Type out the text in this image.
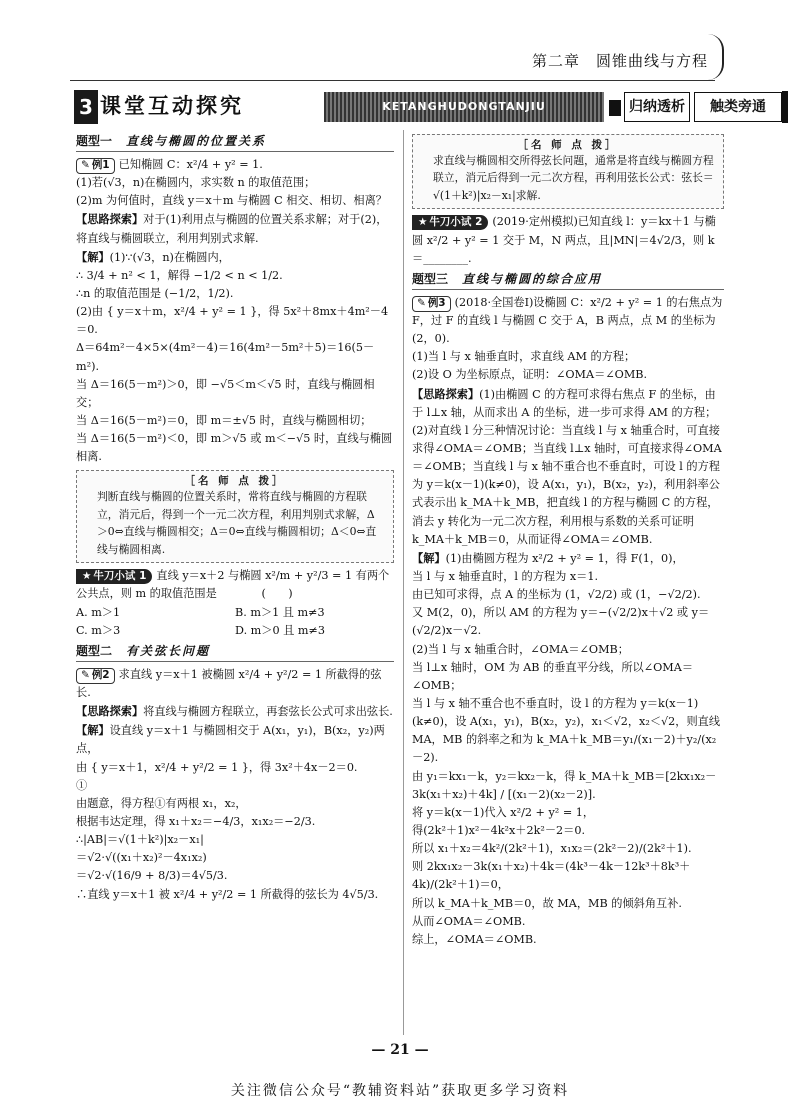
第二章　圆锥曲线与方程
3 课堂互动探究	KETANGHUDONGTANJIU	归纳透析	触类旁通
题型一 直线与椭圆的位置关系

✎ 例1 已知椭圆 C：x²/4 + y² = 1.

(1)若(√3，n)在椭圆内，求实数 n 的取值范围；

(2)m 为何值时，直线 y＝x＋m 与椭圆 C 相交、相切、相离？

【思路探索】对于(1)利用点与椭圆的位置关系求解；对于(2)，将直线与椭圆联立，利用判别式求解.

【解】(1)∵(√3，n)在椭圆内，

∴ 3/4 + n² < 1，解得 −1/2 < n < 1/2.

∴n 的取值范围是 (−1/2，1/2).

(2)由 { y＝x＋m，x²/4 + y² = 1 }，得 5x²＋8mx＋4m²－4＝0.

Δ＝64m²－4×5×(4m²－4)＝16(4m²－5m²＋5)＝16(5－m²).

当 Δ＝16(5－m²)＞0，即 −√5＜m＜√5 时，直线与椭圆相交；

当 Δ＝16(5－m²)＝0，即 m＝±√5 时，直线与椭圆相切；

当 Δ＝16(5－m²)＜0，即 m＞√5 或 m＜−√5 时，直线与椭圆相离.

［名 师 点 拨］
判断直线与椭圆的位置关系时，常将直线与椭圆的方程联立，消元后，得到一个一元二次方程，利用判别式求解，Δ＞0⇔直线与椭圆相交；Δ＝0⇔直线与椭圆相切；Δ＜0⇔直线与椭圆相离.

★ 牛刀小试 1 直线 y＝x＋2 与椭圆 x²/m + y²/3 = 1 有两个公共点，则 m 的取值范围是　　　　(　　)

A. m＞1	B. m＞1 且 m≠3
C. m＞3	D. m＞0 且 m≠3
题型二 有关弦长问题

✎ 例2 求直线 y＝x＋1 被椭圆 x²/4 + y²/2 = 1 所截得的弦长.

【思路探索】将直线与椭圆方程联立，再套弦长公式可求出弦长.

【解】设直线 y＝x＋1 与椭圆相交于 A(x₁，y₁)，B(x₂，y₂)两点，

由 { y＝x＋1，x²/4 + y²/2 = 1 }，得 3x²＋4x－2＝0.　　　①

由题意，得方程①有两根 x₁，x₂，

根据韦达定理，得 x₁＋x₂＝−4/3，x₁x₂＝−2/3.

∴|AB|＝√(1＋k²)|x₂－x₁|

＝√2·√((x₁＋x₂)²－4x₁x₂)

＝√2·√(16/9 + 8/3)＝4√5/3.

∴直线 y＝x＋1 被 x²/4 + y²/2 = 1 所截得的弦长为 4√5/3.

［名 师 点 拨］
求直线与椭圆相交所得弦长问题，通常是将直线与椭圆方程联立，消元后得到一元二次方程，再利用弦长公式：弦长＝√(1＋k²)|x₂－x₁|求解.

★ 牛刀小试 2 (2019·定州模拟)已知直线 l：y＝kx＋1 与椭圆 x²/2 + y² = 1 交于 M，N 两点，且|MN|＝4√2/3，则 k＝________.

题型三 直线与椭圆的综合应用

✎ 例3 (2018·全国卷Ⅰ)设椭圆 C：x²/2 + y² = 1 的右焦点为 F，过 F 的直线 l 与椭圆 C 交于 A，B 两点，点 M 的坐标为(2，0).

(1)当 l 与 x 轴垂直时，求直线 AM 的方程；

(2)设 O 为坐标原点，证明：∠OMA＝∠OMB.

【思路探索】(1)由椭圆 C 的方程可求得右焦点 F 的坐标，由于 l⊥x 轴，从而求出 A 的坐标，进一步可求得 AM 的方程；(2)对直线 l 分三种情况讨论：当直线 l 与 x 轴重合时，可直接求得∠OMA＝∠OMB；当直线 l⊥x 轴时，可直接求得∠OMA＝∠OMB；当直线 l 与 x 轴不重合也不垂直时，可设 l 的方程为 y＝k(x－1)(k≠0)，设 A(x₁，y₁)，B(x₂，y₂)，利用斜率公式表示出 k_MA＋k_MB，把直线 l 的方程与椭圆 C 的方程，消去 y 转化为一元二次方程，利用根与系数的关系可证明 k_MA＋k_MB＝0，从而证得∠OMA＝∠OMB.

【解】(1)由椭圆方程为 x²/2 + y² = 1，得 F(1，0)，

当 l 与 x 轴垂直时，l 的方程为 x＝1.

由已知可求得，点 A 的坐标为 (1，√2/2) 或 (1，−√2/2).

又 M(2，0)，所以 AM 的方程为 y＝−(√2/2)x＋√2 或 y＝(√2/2)x－√2.

(2)当 l 与 x 轴重合时，∠OMA＝∠OMB；

当 l⊥x 轴时，OM 为 AB 的垂直平分线，所以∠OMA＝∠OMB；

当 l 与 x 轴不重合也不垂直时，设 l 的方程为 y＝k(x－1)(k≠0)，设 A(x₁，y₁)，B(x₂，y₂)，x₁＜√2，x₂＜√2，则直线 MA，MB 的斜率之和为 k_MA＋k_MB＝y₁/(x₁－2)＋y₂/(x₂－2).

由 y₁＝kx₁－k，y₂＝kx₂－k，得 k_MA＋k_MB＝[2kx₁x₂－3k(x₁＋x₂)＋4k] / [(x₁－2)(x₂－2)].

将 y＝k(x－1)代入 x²/2 + y² = 1，

得(2k²＋1)x²－4k²x＋2k²－2＝0.

所以 x₁＋x₂＝4k²/(2k²＋1)，x₁x₂＝(2k²－2)/(2k²＋1).

则 2kx₁x₂－3k(x₁＋x₂)＋4k＝(4k³－4k－12k³＋8k³＋4k)/(2k²＋1)＝0，

所以 k_MA＋k_MB＝0，故 MA，MB 的倾斜角互补.

从而∠OMA＝∠OMB.

综上，∠OMA＝∠OMB.

— 21 —
关注微信公众号“教辅资料站”获取更多学习资料
